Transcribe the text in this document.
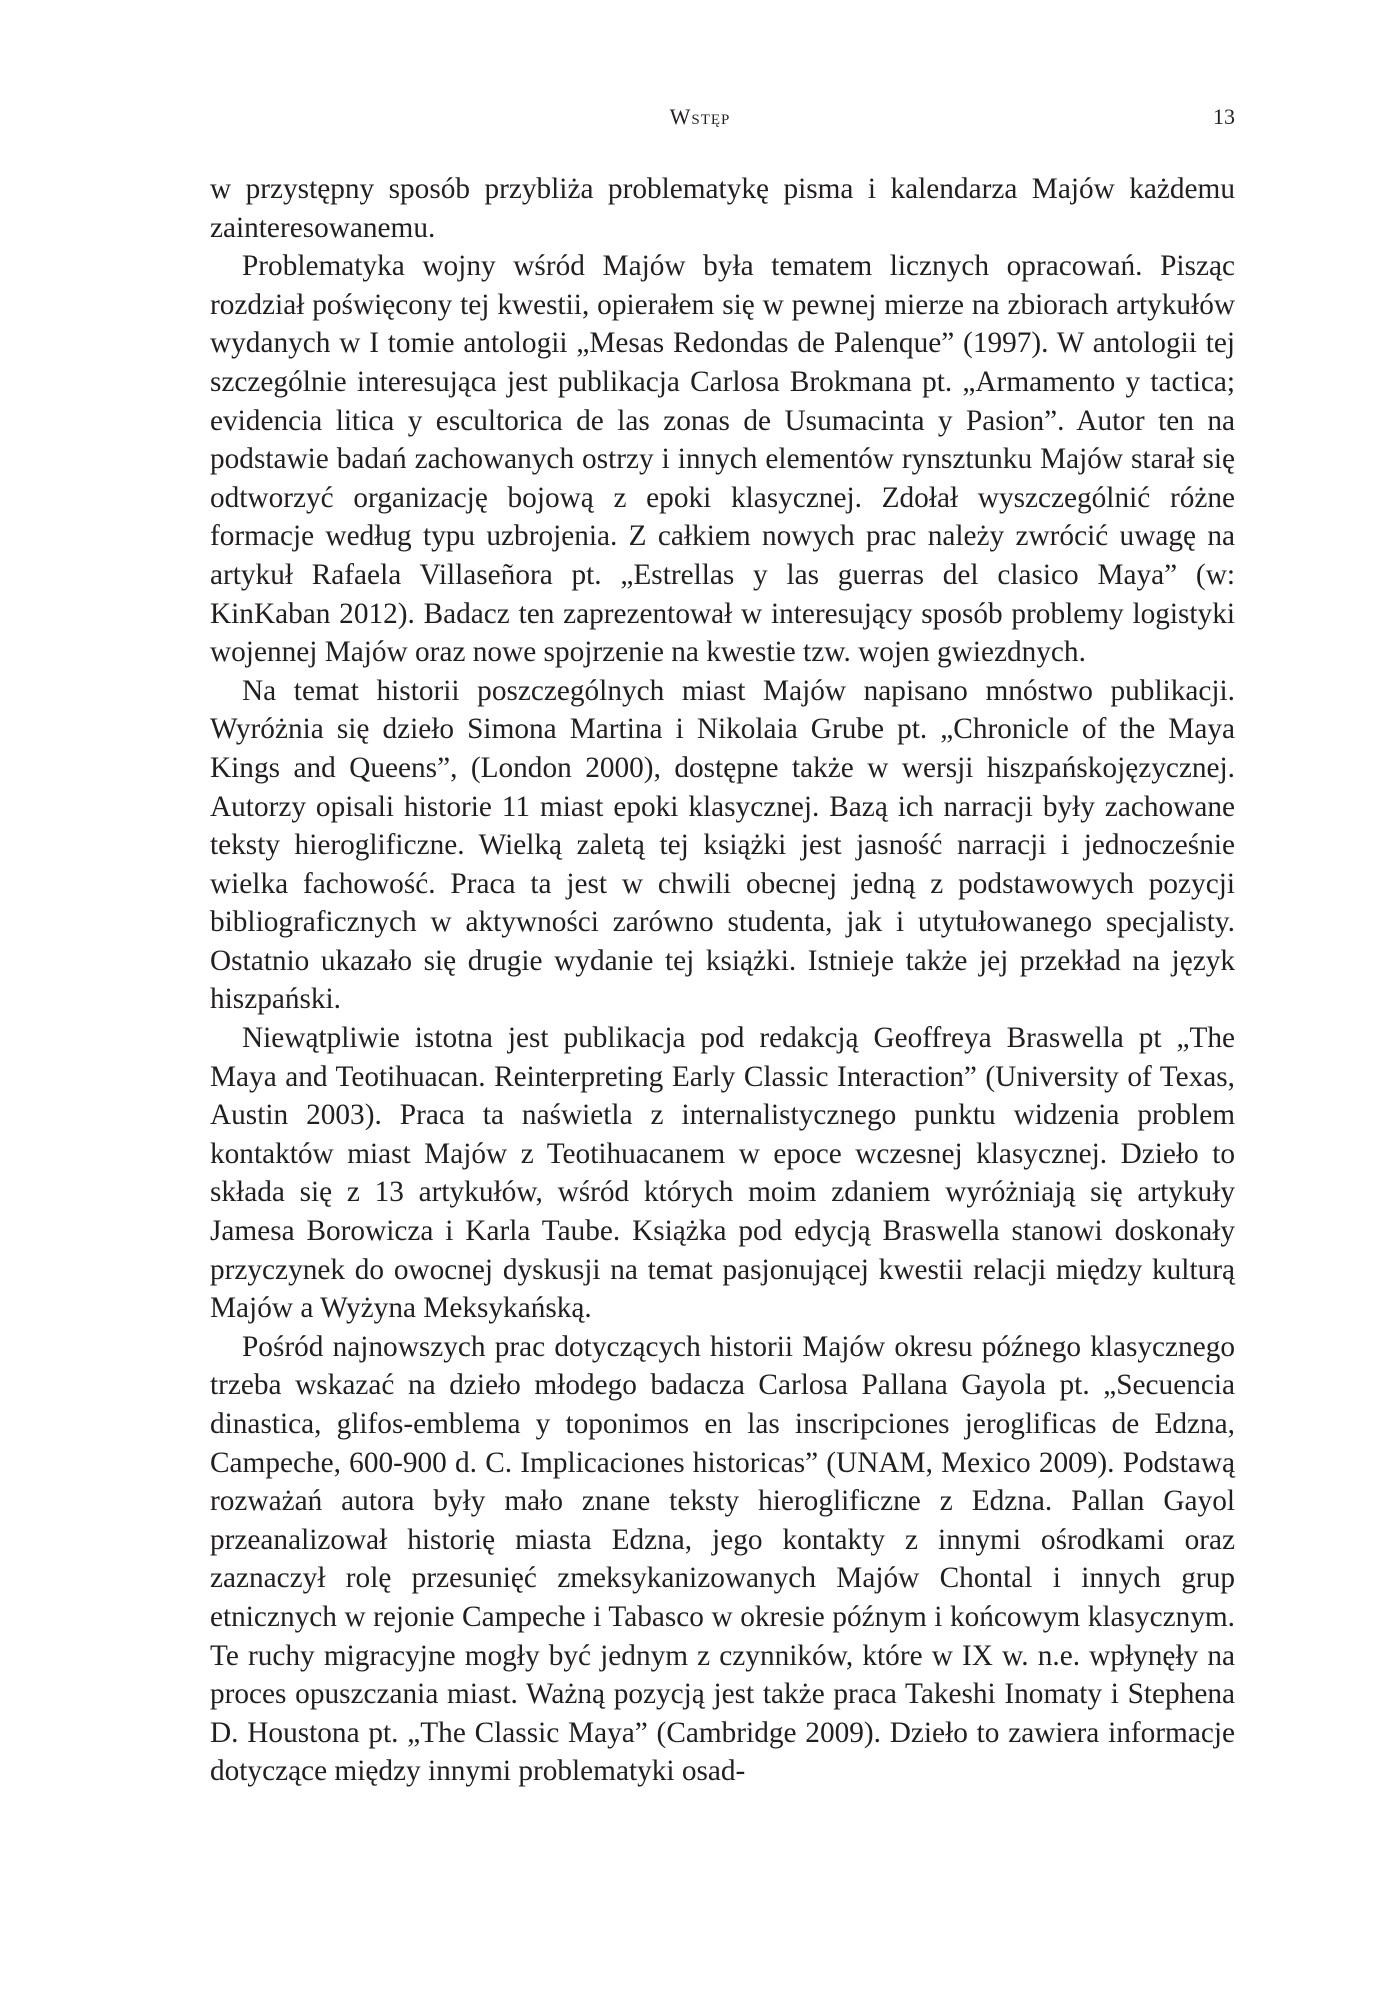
Wstęp	13

w przystępny sposób przybliża problematykę pisma i kalendarza Majów każdemu zainteresowanemu.

Problematyka wojny wśród Majów była tematem licznych opracowań. Pisząc rozdział poświęcony tej kwestii, opierałem się w pewnej mierze na zbiorach artykułów wydanych w I tomie antologii „Mesas Redondas de Palenque” (1997). W antologii tej szczególnie interesująca jest publikacja Carlosa Brokmana pt. „Armamento y tactica; evidencia litica y escultorica de las zonas de Usumacinta y Pasion”. Autor ten na podstawie badań zachowanych ostrzy i innych elementów rynsztunku Majów starał się odtworzyć organizację bojową z epoki klasycznej. Zdołał wyszczególnić różne formacje według typu uzbrojenia. Z całkiem nowych prac należy zwrócić uwagę na artykuł Rafaela Villaseñora pt. „Estrellas y las guerras del clasico Maya” (w: KinKaban 2012). Badacz ten zaprezentował w interesujący sposób problemy logistyki wojennej Majów oraz nowe spojrzenie na kwestie tzw. wojen gwiezdnych.

Na temat historii poszczególnych miast Majów napisano mnóstwo publikacji. Wyróżnia się dzieło Simona Martina i Nikolaia Grube pt. „Chronicle of the Maya Kings and Queens”, (London 2000), dostępne także w wersji hiszpańskojęzycznej. Autorzy opisali historie 11 miast epoki klasycznej. Bazą ich narracji były zachowane teksty hieroglificzne. Wielką zaletą tej książki jest jasność narracji i jednocześnie wielka fachowość. Praca ta jest w chwili obecnej jedną z podstawowych pozycji bibliograficznych w aktywności zarówno studenta, jak i utytułowanego specjalisty. Ostatnio ukazało się drugie wydanie tej książki. Istnieje także jej przekład na język hiszpański.

Niewątpliwie istotna jest publikacja pod redakcją Geoffreya Braswella pt „The Maya and Teotihuacan. Reinterpreting Early Classic Interaction” (University of Texas, Austin 2003). Praca ta naświetla z internalistycznego punktu widzenia problem kontaktów miast Majów z Teotihuacanem w epoce wczesnej klasycznej. Dzieło to składa się z 13 artykułów, wśród których moim zdaniem wyróżniają się artykuły Jamesa Borowicza i Karla Taube. Książka pod edycją Braswella stanowi doskonały przyczynek do owocnej dyskusji na temat pasjonującej kwestii relacji między kulturą Majów a Wyżyna Meksykańską.

Pośród najnowszych prac dotyczących historii Majów okresu późnego klasycznego trzeba wskazać na dzieło młodego badacza Carlosa Pallana Gayola pt. „Secuencia dinastica, glifos-emblema y toponimos en las inscripciones jeroglificas de Edzna, Campeche, 600-900 d. C. Implicaciones historicas” (UNAM, Mexico 2009). Podstawą rozważań autora były mało znane teksty hieroglificzne z Edzna. Pallan Gayol przeanalizował historię miasta Edzna, jego kontakty z innymi ośrodkami oraz zaznaczył rolę przesunięć zmeksykanizowanych Majów Chontal i innych grup etnicznych w rejonie Campeche i Tabasco w okresie późnym i końcowym klasycznym. Te ruchy migracyjne mogły być jednym z czynników, które w IX w. n.e. wpłynęły na proces opuszczania miast. Ważną pozycją jest także praca Takeshi Inomaty i Stephena D. Houstona pt. „The Classic Maya” (Cambridge 2009). Dzieło to zawiera informacje dotyczące między innymi problematyki osad-
